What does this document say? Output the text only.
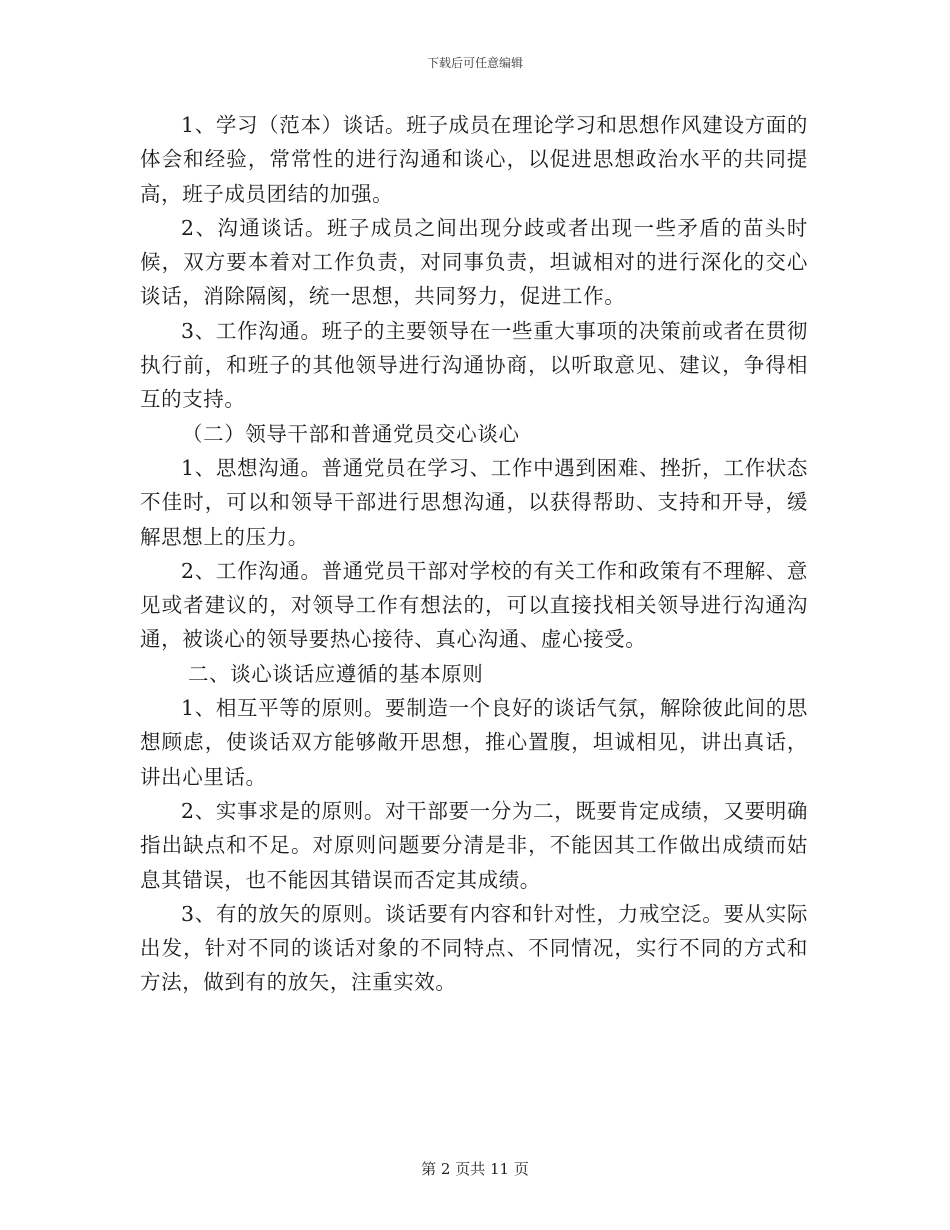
下载后可任意编辑

1、学习（范本）谈话。班子成员在理论学习和思想作风建设方面的体会和经验，常常性的进行沟通和谈心，以促进思想政治水平的共同提高，班子成员团结的加强。

2、沟通谈话。班子成员之间出现分歧或者出现一些矛盾的苗头时候，双方要本着对工作负责，对同事负责，坦诚相对的进行深化的交心谈话，消除隔阂，统一思想，共同努力，促进工作。

3、工作沟通。班子的主要领导在一些重大事项的决策前或者在贯彻执行前，和班子的其他领导进行沟通协商，以听取意见、建议，争得相互的支持。

（二）领导干部和普通党员交心谈心

1、思想沟通。普通党员在学习、工作中遇到困难、挫折，工作状态不佳时，可以和领导干部进行思想沟通，以获得帮助、支持和开导，缓解思想上的压力。

2、工作沟通。普通党员干部对学校的有关工作和政策有不理解、意见或者建议的，对领导工作有想法的，可以直接找相关领导进行沟通沟通，被谈心的领导要热心接待、真心沟通、虚心接受。

二、谈心谈话应遵循的基本原则

1、相互平等的原则。要制造一个良好的谈话气氛，解除彼此间的思想顾虑，使谈话双方能够敞开思想，推心置腹，坦诚相见，讲出真话，讲出心里话。

2、实事求是的原则。对干部要一分为二，既要肯定成绩，又要明确指出缺点和不足。对原则问题要分清是非，不能因其工作做出成绩而姑息其错误，也不能因其错误而否定其成绩。

3、有的放矢的原则。谈话要有内容和针对性，力戒空泛。要从实际出发，针对不同的谈话对象的不同特点、不同情况，实行不同的方式和方法，做到有的放矢，注重实效。

第 2 页共 11 页
